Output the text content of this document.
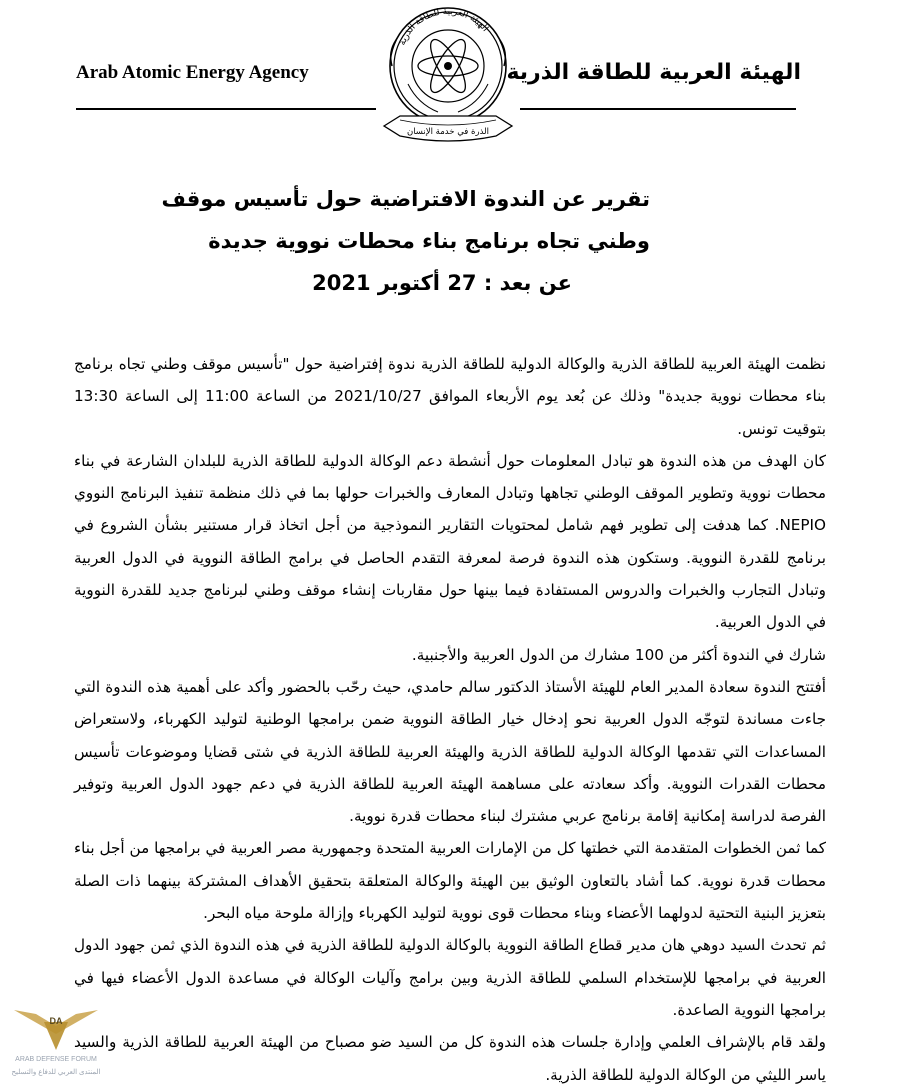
Arab Atomic Energy Agency	الهيئة العربية للطاقة الذرية
الهيئة العربية للطاقة الذرية
الذرة في خدمة الإنسان
تقرير عن الندوة الافتراضية حول تأسيس موقف
وطني تجاه برنامج بناء محطات نووية جديدة
عن بعد : 27 أكتوبر 2021

نظمت الهيئة العربية للطاقة الذرية والوكالة الدولية للطاقة الذرية ندوة إفتراضية حول "تأسيس موقف وطني تجاه برنامج بناء محطات نووية جديدة" وذلك عن بُعد يوم الأربعاء الموافق 2021/10/27 من الساعة 11:00 إلى الساعة 13:30 بتوقيت تونس.

كان الهدف من هذه الندوة هو تبادل المعلومات حول أنشطة دعم الوكالة الدولية للطاقة الذرية للبلدان الشارعة في بناء محطات نووية وتطوير الموقف الوطني تجاهها وتبادل المعارف والخبرات حولها بما في ذلك منظمة تنفيذ البرنامج النووي NEPIO. كما هدفت إلى تطوير فهم شامل لمحتويات التقارير النموذجية من أجل اتخاذ قرار مستنير بشأن الشروع في برنامج للقدرة النووية. وستكون هذه الندوة فرصة لمعرفة التقدم الحاصل في برامج الطاقة النووية في الدول العربية وتبادل التجارب والخبرات والدروس المستفادة فيما بينها حول مقاربات إنشاء موقف وطني لبرنامج جديد للقدرة النووية في الدول العربية.

شارك في الندوة أكثر من 100 مشارك من الدول العربية والأجنبية.

أفتتح الندوة سعادة المدير العام للهيئة الأستاذ الدكتور سالم حامدي، حيث رحّب بالحضور وأكد على أهمية هذه الندوة التي جاءت مساندة لتوجّه الدول العربية نحو إدخال خيار الطاقة النووية ضمن برامجها الوطنية لتوليد الكهرباء، ولاستعراض المساعدات التي تقدمها الوكالة الدولية للطاقة الذرية والهيئة العربية للطاقة الذرية في شتى قضايا وموضوعات تأسيس محطات القدرات النووية. وأكد سعادته على مساهمة الهيئة العربية للطاقة الذرية في دعم جهود الدول العربية وتوفير الفرصة لدراسة إمكانية إقامة برنامج عربي مشترك لبناء محطات قدرة نووية.

كما ثمن الخطوات المتقدمة التي خطتها كل من الإمارات العربية المتحدة وجمهورية مصر العربية في برامجها من أجل بناء محطات قدرة نووية. كما أشاد بالتعاون الوثيق بين الهيئة والوكالة المتعلقة بتحقيق الأهداف المشتركة بينهما ذات الصلة بتعزيز البنية التحتية لدولهما الأعضاء وبناء محطات قوى نووية لتوليد الكهرباء وإزالة ملوحة مياه البحر.

ثم تحدث السيد دوهي هان مدير قطاع الطاقة النووية بالوكالة الدولية للطاقة الذرية في هذه الندوة الذي ثمن جهود الدول العربية في برامجها للإستخدام السلمي للطاقة الذرية وبين برامج وآليات الوكالة في مساعدة الدول الأعضاء فيها في برامجها النووية الصاعدة.

ولقد قام بالإشراف العلمي وإدارة جلسات هذه الندوة كل من السيد ضو مصباح من الهيئة العربية للطاقة الذرية والسيد ياسر الليثي من الوكالة الدولية للطاقة الذرية.

DA
ARAB DEFENSE FORUM
المنتدى العربي للدفاع والتسليح
